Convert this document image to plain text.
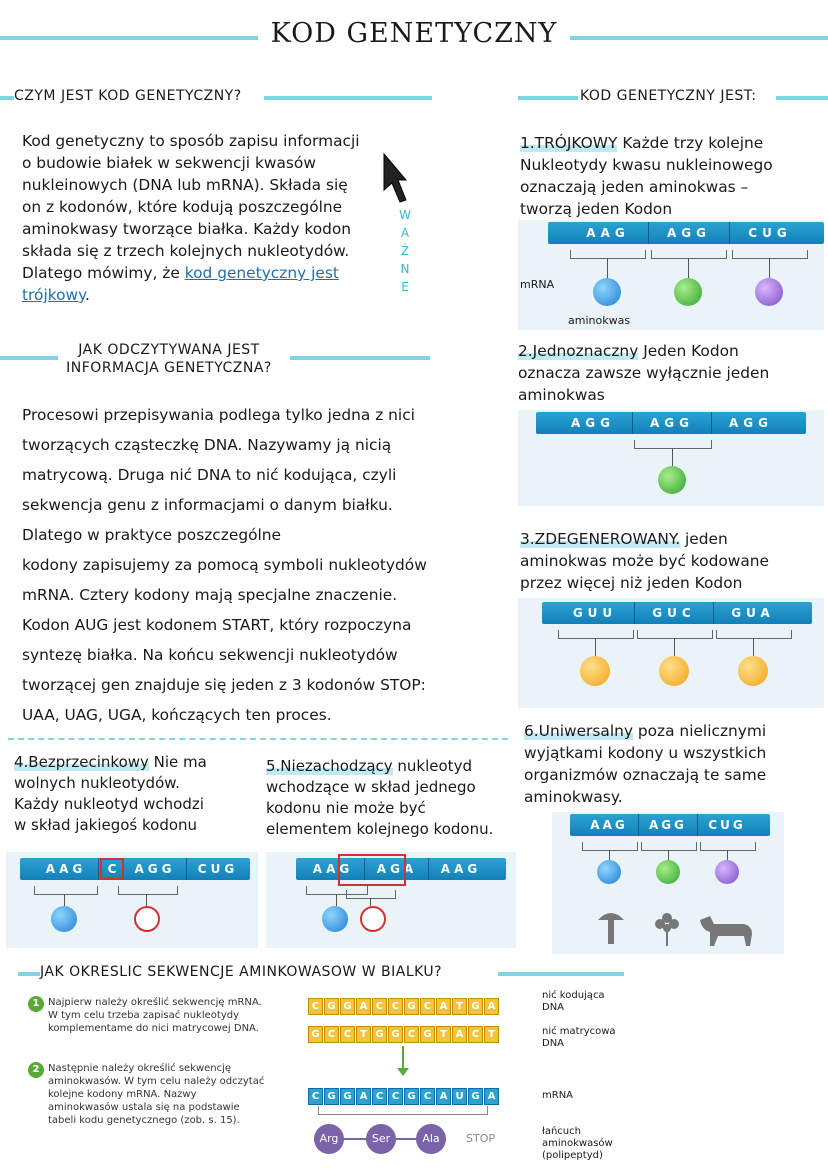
KOD GENETYCZNY
CZYM JEST KOD GENETYCZNY?
Kod genetyczny to sposób zapisu informacji
o budowie białek w sekwencji kwasów
nukleinowych (DNA lub mRNA). Składa się
on z kodonów, które kodują poszczególne
aminokwasy tworzące białka. Każdy kodon
składa się z trzech kolejnych nukleotydów.
Dlatego mówimy, że kod genetyczny jest
trójkowy.
W
A
Ż
N
E
JAK ODCZYTYWANA JEST
INFORMACJA GENETYCZNA?
Procesowi przepisywania podlega tylko jedna z nici
tworzących cząsteczkę DNA. Nazywamy ją nicią
matrycową. Druga nić DNA to nić kodująca, czyli
sekwencja genu z informacjami o danym białku.
Dlatego w praktyce poszczególne
kodony zapisujemy za pomocą symboli nukleotydów
mRNA. Cztery kodony mają specjalne znaczenie.
Kodon AUG jest kodonem START, który rozpoczyna
syntezę białka. Na końcu sekwencji nukleotydów
tworzącej gen znajduje się jeden z 3 kodonów STOP:
UAA, UAG, UGA, kończących ten proces.
KOD GENETYCZNY JEST:
1.TRÓJKOWY Każde trzy kolejne
Nukleotydy kwasu nukleinowego
oznaczają jeden aminokwas –
tworzą jeden Kodon
AAG	AGG	CUG
mRNA
aminokwas
2.Jednoznaczny Jeden Kodon
oznacza zawsze wyłącznie jeden
aminokwas
AGG	AGG	AGG
3.ZDEGENEROWANY. jeden
aminokwas może być kodowane
przez więcej niż jeden Kodon
GUU	GUC	GUA
6.Uniwersalny poza nielicznymi
wyjątkami kodony u wszystkich
organizmów oznaczają te same
aminokwasy.
AAG	AGG	CUG
4.Bezprzecinkowy Nie ma
wolnych nukleotydów.
Każdy nukleotyd wchodzi
w skład jakiegoś kodonu
AAG	C	AGG	CUG
5.Niezachodzący nukleotyd
wchodzące w skład jednego
kodonu nie może być
elementem kolejnego kodonu.
AAG	AGA	AAG
JAK OKRESLIC SEKWENCJE AMINKOWASOW W BIALKU?
1 Najpierw należy określić sekwencję mRNA. W tym celu trzeba zapisać nukleotydy komplementame do nici matrycowej DNA.
2 Następnie należy określić sekwencję aminokwasów. W tym celu należy odczytać kolejne kodony mRNA. Nazwy aminokwasów ustala się na podstawie tabeli kodu genetycznego (zob. s. 15).
C G G A C C G C A T G A
G C C T G G C G T A C T
C G G A C C G C A U G A
nić kodująca DNA
nić matrycowa DNA
mRNA
łańcuch aminokwasów (polipeptyd)
Arg	Ser	Ala	STOP
